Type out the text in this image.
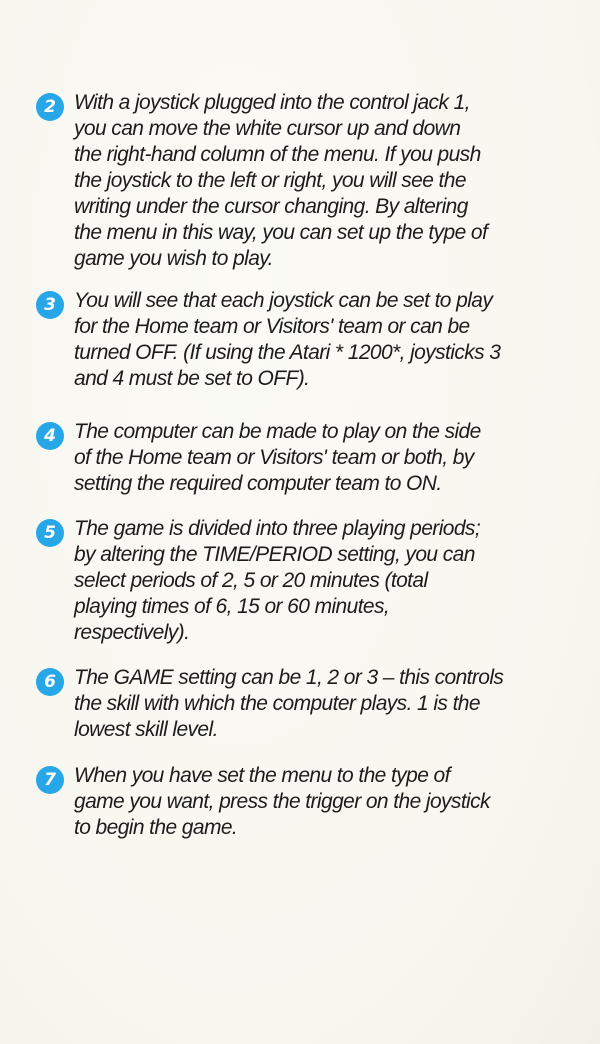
2 With a joystick plugged into the control jack 1,
you can move the white cursor up and down
the right-hand column of the menu. If you push
the joystick to the left or right, you will see the
writing under the cursor changing. By altering
the menu in this way, you can set up the type of
game you wish to play.
3 You will see that each joystick can be set to play
for the Home team or Visitors' team or can be
turned OFF. (If using the Atari * 1200*, joysticks 3
and 4 must be set to OFF).
4 The computer can be made to play on the side
of the Home team or Visitors' team or both, by
setting the required computer team to ON.
5 The game is divided into three playing periods;
by altering the TIME/PERIOD setting, you can
select periods of 2, 5 or 20 minutes (total
playing times of 6, 15 or 60 minutes,
respectively).
6 The GAME setting can be 1, 2 or 3 – this controls
the skill with which the computer plays. 1 is the
lowest skill level.
7 When you have set the menu to the type of
game you want, press the trigger on the joystick
to begin the game.
